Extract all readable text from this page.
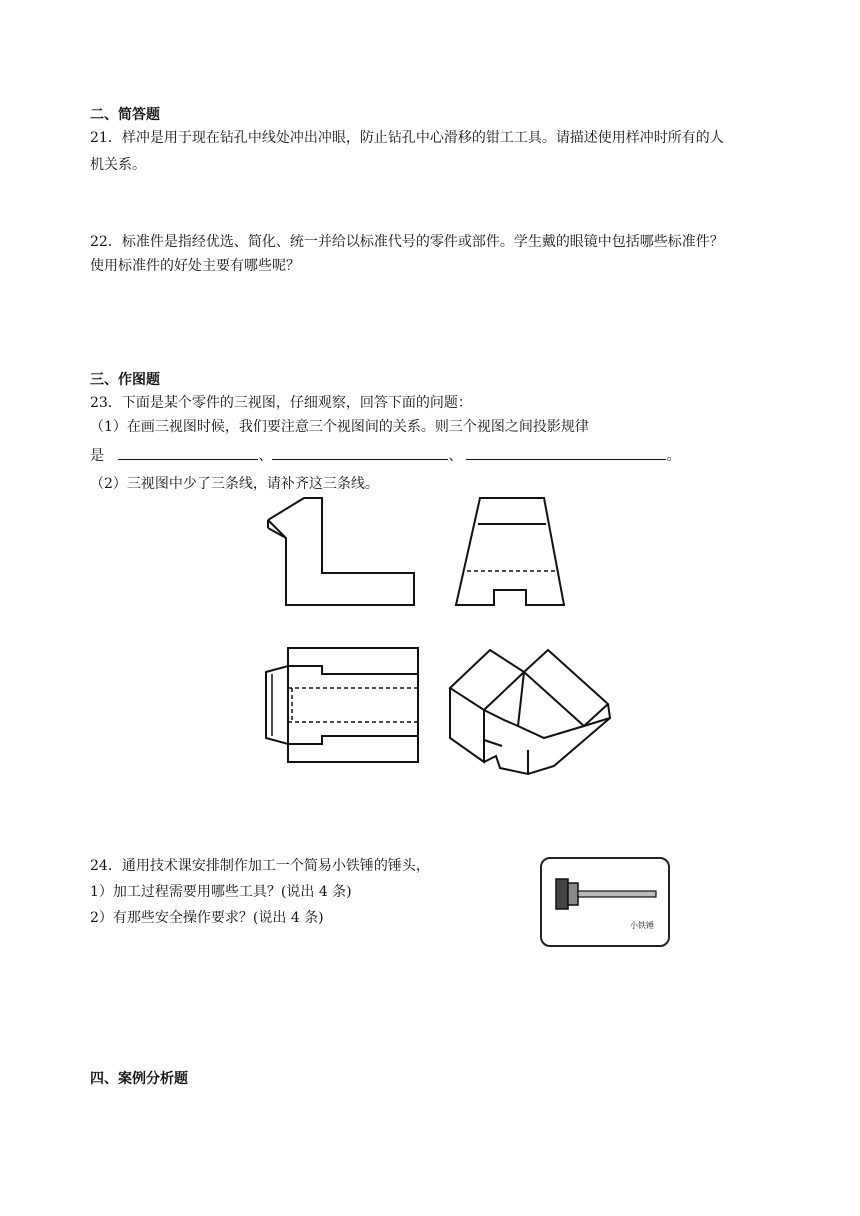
二、简答题
21．样冲是用于现在钻孔中线处冲出冲眼，防止钻孔中心滑移的钳工工具。请描述使用样冲时所有的人
机关系。
22．标准件是指经优选、简化、统一并给以标准代号的零件或部件。学生戴的眼镜中包括哪些标准件？
使用标准件的好处主要有哪些呢？
三、作图题
23．下面是某个零件的三视图，仔细观察，回答下面的问题：
（1）在画三视图时候，我们要注意三个视图间的关系。则三个视图之间投影规律
是	、	、	。
（2）三视图中少了三条线，请补齐这三条线。
24．通用技术课安排制作加工一个简易小铁锤的锤头，
1）加工过程需要用哪些工具？(说出 4 条)
2）有那些安全操作要求？(说出 4 条)	小铁锤
四、案例分析题
